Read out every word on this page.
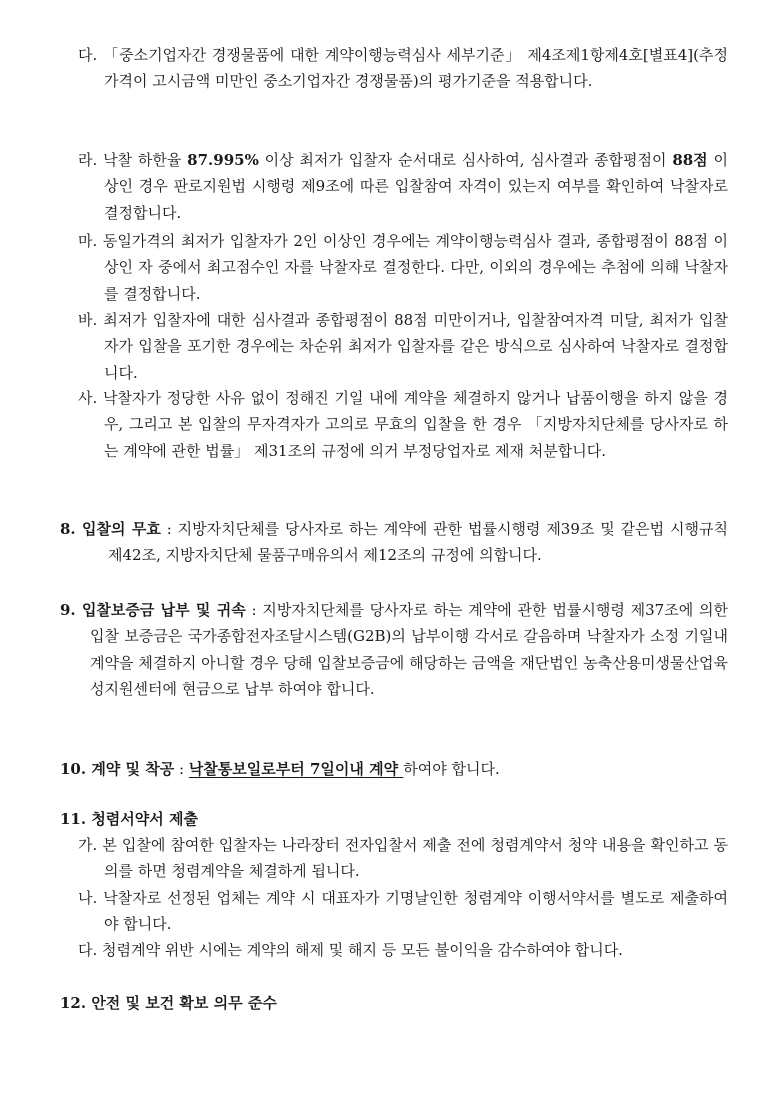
다. 「중소기업자간 경쟁물품에 대한 계약이행능력심사 세부기준」 제4조제1항제4호[별표4](추정가격이 고시금액 미만인 중소기업자간 경쟁물품)의 평가기준을 적용합니다.
라. 낙찰 하한율 87.995% 이상 최저가 입찰자 순서대로 심사하여, 심사결과 종합평점이 88점 이상인 경우 판로지원법 시행령 제9조에 따른 입찰참여 자격이 있는지 여부를 확인하여 낙찰자로 결정합니다.
마. 동일가격의 최저가 입찰자가 2인 이상인 경우에는 계약이행능력심사 결과, 종합평점이 88점 이상인 자 중에서 최고점수인 자를 낙찰자로 결정한다. 다만, 이외의 경우에는 추첨에 의해 낙찰자를 결정합니다.
바. 최저가 입찰자에 대한 심사결과 종합평점이 88점 미만이거나, 입찰참여자격 미달, 최저가 입찰자가 입찰을 포기한 경우에는 차순위 최저가 입찰자를 같은 방식으로 심사하여 낙찰자로 결정합니다.
사. 낙찰자가 정당한 사유 없이 정해진 기일 내에 계약을 체결하지 않거나 납품이행을 하지 않을 경우, 그리고 본 입찰의 무자격자가 고의로 무효의 입찰을 한 경우 「지방자치단체를 당사자로 하는 계약에 관한 법률」 제31조의 규정에 의거 부정당업자로 제재 처분합니다.
8. 입찰의 무효 : 지방자치단체를 당사자로 하는 계약에 관한 법률시행령 제39조 및 같은법 시행규칙 제42조, 지방자치단체 물품구매유의서 제12조의 규정에 의합니다.
9. 입찰보증금 납부 및 귀속 : 지방자치단체를 당사자로 하는 계약에 관한 법률시행령 제37조에 의한 입찰 보증금은 국가종합전자조달시스템(G2B)의 납부이행 각서로 갈음하며 낙찰자가 소정 기일내 계약을 체결하지 아니할 경우 당해 입찰보증금에 해당하는 금액을 재단법인 농축산용미생물산업육성지원센터에 현금으로 납부 하여야 합니다.
10. 계약 및 착공 : 낙찰통보일로부터 7일이내 계약 하여야 합니다.
11. 청렴서약서 제출
가. 본 입찰에 참여한 입찰자는 나라장터 전자입찰서 제출 전에 청렴계약서 청약 내용을 확인하고 동의를 하면 청렴계약을 체결하게 됩니다.
나. 낙찰자로 선정된 업체는 계약 시 대표자가 기명날인한 청렴계약 이행서약서를 별도로 제출하여야 합니다.
다. 청렴계약 위반 시에는 계약의 해제 및 해지 등 모든 불이익을 감수하여야 합니다.
12. 안전 및 보건 확보 의무 준수
